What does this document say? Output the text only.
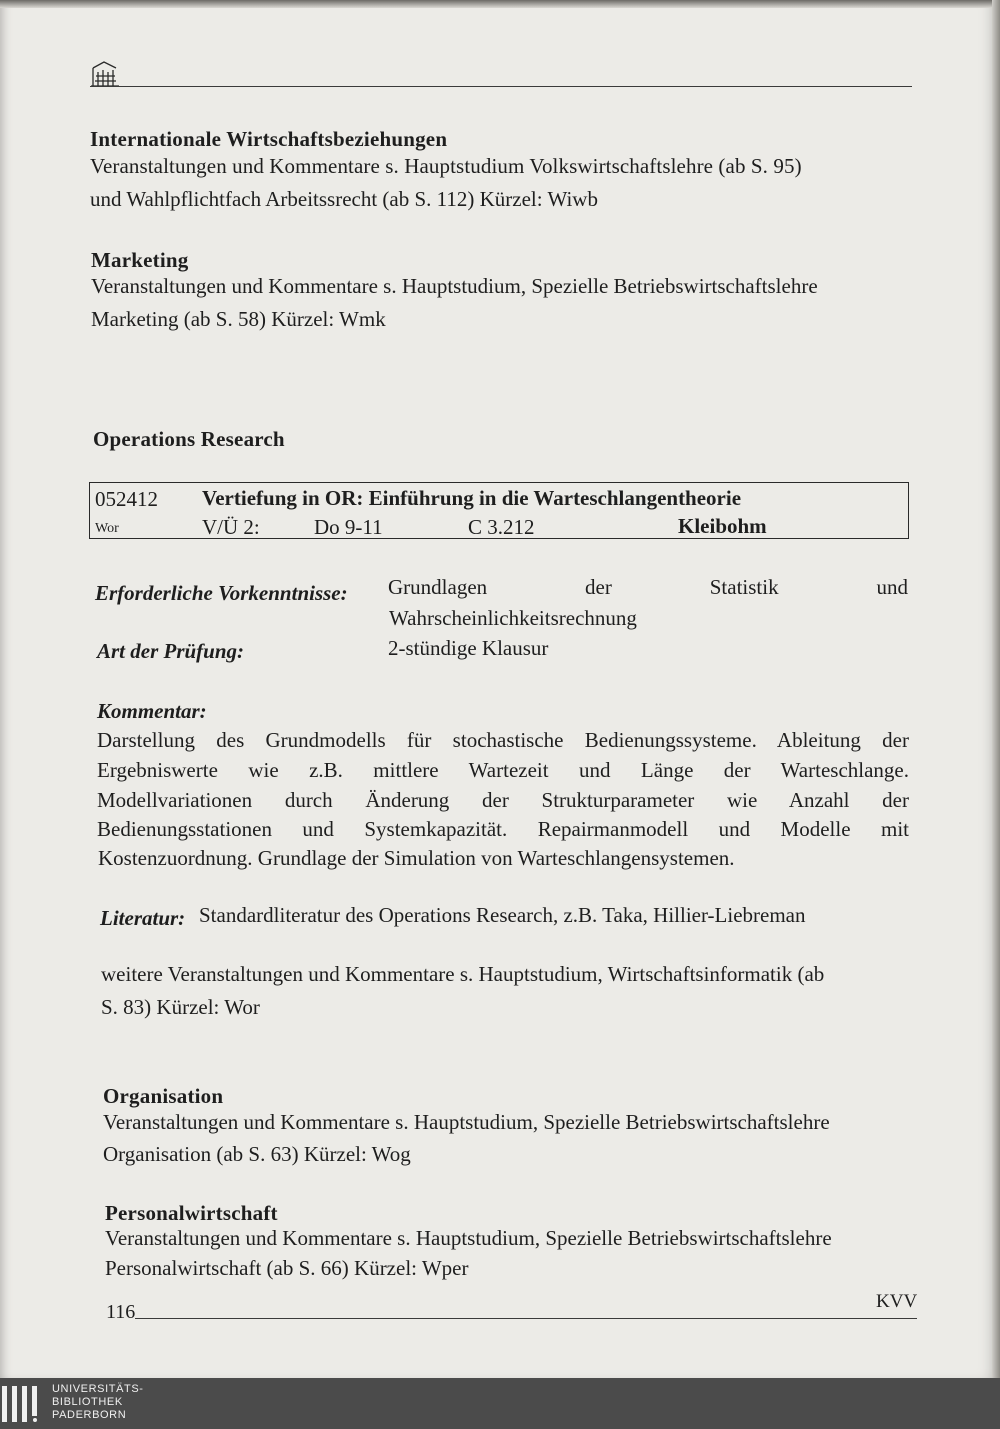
Internationale Wirtschaftsbeziehungen
Veranstaltungen und Kommentare s. Hauptstudium Volkswirtschaftslehre (ab S. 95)
und Wahlpflichtfach Arbeitssrecht (ab S. 112) Kürzel: Wiwb
Marketing
Veranstaltungen und Kommentare s. Hauptstudium, Spezielle Betriebswirtschaftslehre
Marketing (ab S. 58) Kürzel: Wmk
Operations Research
052412 Vertiefung in OR: Einführung in die Warteschlangentheorie
Wor	V/Ü 2:	Do 9-11	C 3.212	Kleibohm
Erforderliche Vorkenntnisse: Grundlagen der Statistik und
Wahrscheinlichkeitsrechnung
Art der Prüfung:	2-stündige Klausur
Kommentar:
Darstellung des Grundmodells für stochastische Bedienungssysteme. Ableitung der
Ergebniswerte wie z.B. mittlere Wartezeit und Länge der Warteschlange.
Modellvariationen durch Änderung der Strukturparameter wie Anzahl der
Bedienungsstationen und Systemkapazität. Repairmanmodell und Modelle mit
Kostenzuordnung. Grundlage der Simulation von Warteschlangensystemen.
Literatur: Standardliteratur des Operations Research, z.B. Taka, Hillier-Liebreman
weitere Veranstaltungen und Kommentare s. Hauptstudium, Wirtschaftsinformatik (ab
S. 83) Kürzel: Wor
Organisation
Veranstaltungen und Kommentare s. Hauptstudium, Spezielle Betriebswirtschaftslehre
Organisation (ab S. 63) Kürzel: Wog
Personalwirtschaft
Veranstaltungen und Kommentare s. Hauptstudium, Spezielle Betriebswirtschaftslehre
Personalwirtschaft (ab S. 66) Kürzel: Wper
116	KVV
UNIVERSITÄTS-
BIBLIOTHEK
PADERBORN
